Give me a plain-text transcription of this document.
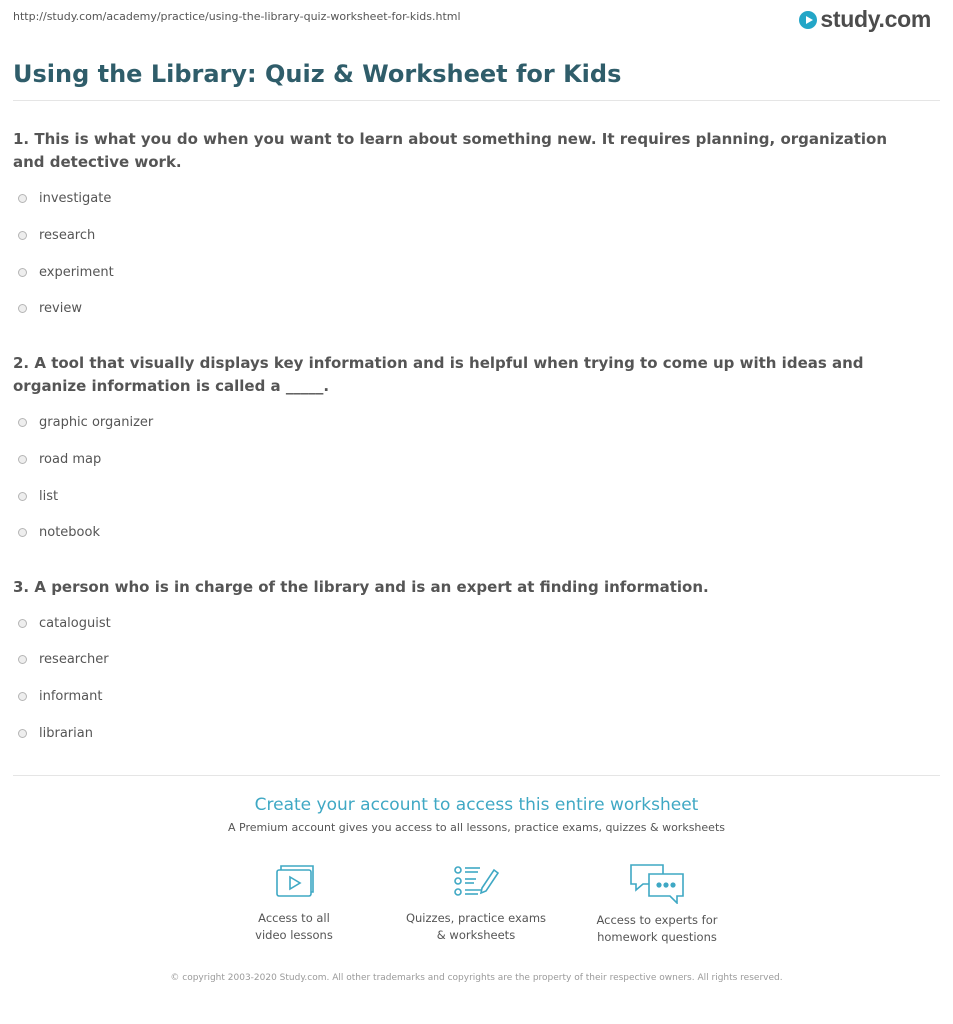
http://study.com/academy/practice/using-the-library-quiz-worksheet-for-kids.html	study.com
Using the Library: Quiz & Worksheet for Kids
1. This is what you do when you want to learn about something new. It requires planning, organization and detective work.
investigate
research
experiment
review
2. A tool that visually displays key information and is helpful when trying to come up with ideas and organize information is called a _____.
graphic organizer
road map
list
notebook
3. A person who is in charge of the library and is an expert at finding information.
cataloguist
researcher
informant
librarian
Create your account to access this entire worksheet
A Premium account gives you access to all lessons, practice exams, quizzes & worksheets
Access to all
video lessons
Quizzes, practice exams
& worksheets
Access to experts for
homework questions
© copyright 2003-2020 Study.com. All other trademarks and copyrights are the property of their respective owners. All rights reserved.
